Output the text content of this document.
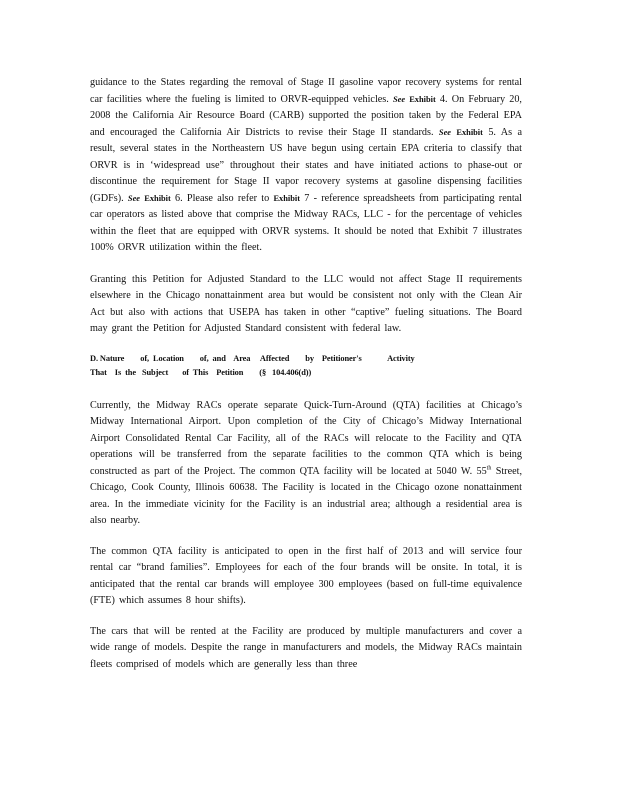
guidance to the States regarding the removal of Stage II gasoline vapor recovery systems for rental car facilities where the fueling is limited to ORVR-equipped vehicles. See Exhibit 4. On February 20, 2008 the California Air Resource Board (CARB) supported the position taken by the Federal EPA and encouraged the California Air Districts to revise their Stage II standards. See Exhibit 5. As a result, several states in the Northeastern US have begun using certain EPA criteria to classify that ORVR is in ‘widespread use” throughout their states and have initiated actions to phase-out or discontinue the requirement for Stage II vapor recovery systems at gasoline dispensing facilities (GDFs). See Exhibit 6. Please also refer to Exhibit 7 - reference spreadsheets from participating rental car operators as listed above that comprise the Midway RACs, LLC - for the percentage of vehicles within the fleet that are equipped with ORVR systems. It should be noted that Exhibit 7 illustrates 100% ORVR utilization within the fleet.

Granting this Petition for Adjusted Standard to the LLC would not affect Stage II requirements elsewhere in the Chicago nonattainment area but would be consistent not only with the Clean Air Act but also with actions that USEPA has taken in other “captive” fueling situations. The Board may grant the Petition for Adjusted Standard consistent with federal law.

D. Nature        of,  Location        of,  and    Area     Affected        by    Petitioner's             Activity
That    Is  the   Subject       of  This    Petition        (§   104.406(d))

Currently, the Midway RACs operate separate Quick-Turn-Around (QTA) facilities at Chicago’s Midway International Airport. Upon completion of the City of Chicago’s Midway International Airport Consolidated Rental Car Facility, all of the RACs will relocate to the Facility and QTA operations will be transferred from the separate facilities to the common QTA which is being constructed as part of the Project. The common QTA facility will be located at 5040 W. 55th Street, Chicago, Cook County, Illinois 60638. The Facility is located in the Chicago ozone nonattainment area. In the immediate vicinity for the Facility is an industrial area; although a residential area is also nearby.

The common QTA facility is anticipated to open in the first half of 2013 and will service four rental car “brand families”. Employees for each of the four brands will be onsite. In total, it is anticipated that the rental car brands will employee 300 employees (based on full-time equivalence (FTE) which assumes 8 hour shifts).

The cars that will be rented at the Facility are produced by multiple manufacturers and cover a wide range of models. Despite the range in manufacturers and models, the Midway RACs maintain fleets comprised of models which are generally less than three
